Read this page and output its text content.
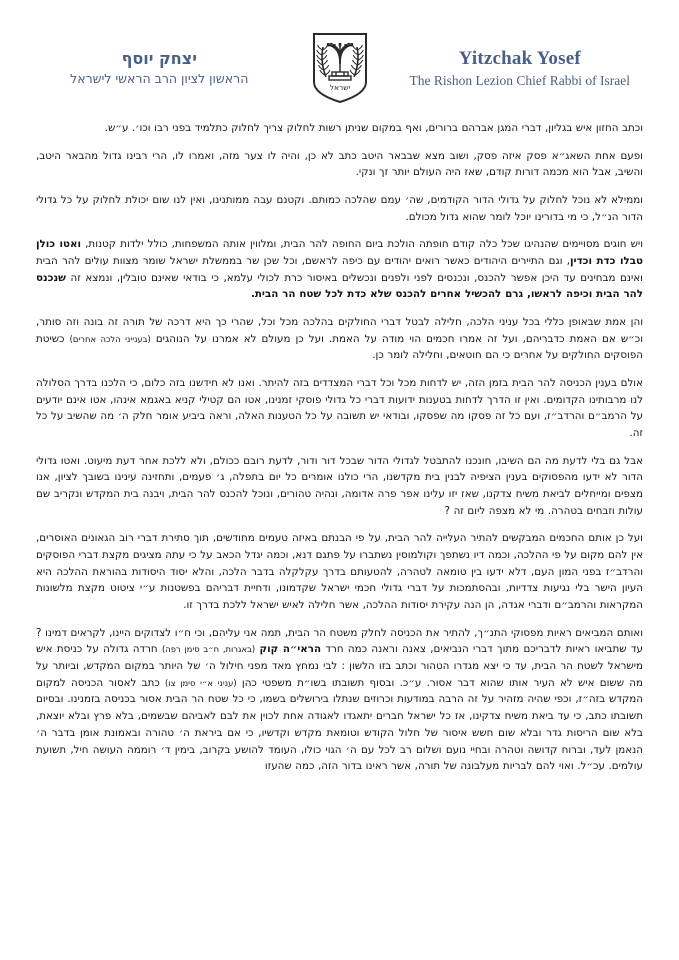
Yitzchak Yosef
The Rishon Lezion Chief Rabbi of Israel
ישראל
יצחק יוסף
הראשון לציון הרב הראשי לישראל

וכתב החזון איש בגליון, דברי המגן אברהם ברורים, ואף במקום שניתן רשות לחלוק צריך לחלוק כתלמיד בפני רבו וכו׳. ע״ש.

ופעם אחת השאג״א פסק איזה פסק, ושוב מצא שבבאר היטב כתב לא כן, והיה לו צער מזה, ואמרו לו, הרי רבינו גדול מהבאר היטב, והשיב, אבל הוא מכמה דורות קודם, שאז היה העולם יותר זך ונקי.

וממילא לא נוכל לחלוק על גדולי הדור הקודמים, שה׳ עמם שהלכה כמותם. וקטנם עבה ממותנינו, ואין לנו שום יכולת לחלוק על כל גדולי הדור הנ״ל, כי מי בדורינו יוכל לומר שהוא גדול מכולם.

ויש חוגים מסויימים שהנהיגו שכל כלה קודם חופתה הולכת ביום החופה להר הבית, ומלווין אותה המשפחות, כולל ילדות קטנות, ואטו כולן טבלו כדת וכדין, וגם התיירים היהודים כאשר רואים יהודים עם כיפה לראשם, וכל שכן שר בממשלת ישראל שומר מצוות עולים להר הבית ואינם מבחינים עד היכן אפשר להכנס, ונכנסים לפני ולפנים ונכשלים באיסור כרת לכולי עלמא, כי בודאי שאינם טובלין, ונמצא זה שנכנס להר הבית וכיפה לראשו, גרם להכשיל אחרים להכנס שלא כדת לכל שטח הר הבית.

והן אמת שבאופן כללי בכל עניני הלכה, חלילה לבטל דברי החולקים בהלכה מכל וכל, שהרי כך היא דרכה של תורה זה בונה וזה סותר, וכ״ש אם האמת כדבריהם, ועל זה אמרו חכמים הוי מודה על האמת. ועל כן מעולם לא אמרנו על הנוהגים (בענייני הלכה אחרים) כשיטת הפוסקים החולקים על אחרים כי הם חוטאים, וחלילה לומר כן.

אולם בענין הכניסה להר הבית בזמן הזה, יש לדחות מכל וכל דברי המצדדים בזה להיתר. ואנו לא חידשנו בזה כלום, כי הלכנו בדרך הסלולה לנו מרבותינו הקדומים. ואין זו הדרך לדחות בטענות ידועות דברי כל גדולי פוסקי זמנינו, אטו הם קטילי קניא באגמא אינהו, אטו אינם יודעים על הרמב״ם והרדב״ז, ועם כל זה פסקו מה שפסקו, ובודאי יש תשובה על כל הטענות האלה, וראה ביביע אומר חלק ה׳ מה שהשיב על כל זה.

אבל גם בלי לדעת מה הם השיבו, חונכנו להתבטל לגדולי הדור שבכל דור ודור, לדעת רובם ככולם, ולא ללכת אחר דעת מיעוט. ואטו גדולי הדור לא ידעו מהפסוקים בענין הציפיה לבנין בית מקדשנו, הרי כולנו אומרים כל יום בתפלה, ג׳ פעמים, ותחזינה עינינו בשובך לציון, אנו מצפים ומייחלים לביאת משיח צדקנו, שאז יזו עלינו אפר פרה אדומה, ונהיה טהורים, ונוכל להכנס להר הבית, ויבנה בית המקדש ונקריב שם עולות וזבחים בטהרה. מי לא מצפה ליום זה ?

ועל כן אותם החכמים המבקשים להתיר העלייה להר הבית, על פי הבנתם באיזה טעמים מחודשים, תוך סתירת דברי רוב הגאונים האוסרים, אין להם מקום על פי ההלכה, וכמה דיו נשתפך וקולמוסין נשתברו על פתגם דנא, וכמה יגדל הכאב על כי עתה מציגים מקצת דברי הפוסקים והרדב״ז בפני המון העם, דלא ידעו בין טומאה לטהרה, להטעותם בדרך עקלקלה בדבר הלכה, והלא יסוד היסודות בהוראת ההלכה היא העיון הישר בלי נגיעות צדדיות, ובהסתמכות על דברי גדולי חכמי ישראל שקדמונו, ודחיית דבריהם בפשטנות ע״י ציטוט מקצת מלשונות המקראות והרמב״ם ודברי אגדה, הן הנה עקירת יסודות ההלכה, אשר חלילה לאיש ישראל ללכת בדרך זו.

ואותם המביאים ראיות מפסוקי התנ״ך, להתיר את הכניסה לחלק משטח הר הבית, תמה אני עליהם, וכי ח״ו לצדוקים היינו, לקראים דמינו ? עד שתביאו ראיות לדבריכם מתוך דברי הנביאים, צאנה וראנה כמה חרד הראי״ה קוק (באגרות, ח״ב סימן רפה) חרדה גדולה על כניסת איש מישראל לשטח הר הבית, עד כי יצא מגדרו הטהור וכתב בזו הלשון : לבי נמחץ מאד מפני חילול ה׳ של היותר במקום המקדש, וביותר על מה ששום איש לא העיר אותו שהוא דבר אסור. ע״כ. ובסוף תשובתו בשו״ת משפטי כהן (עניני א״י סימן צו) כתב לאסור הכניסה למקום המקדש בזה״ז, וכפי שהיה מזהיר על זה הרבה במודעות וכרוזים שנתלו בירושלים בשמו, כי כל שטח הר הבית אסור בכניסה בזמנינו. ובסיום תשובתו כתב, כי עד ביאת משיח צדקינו, אז כל ישראל חברים יתאגדו לאגודה אחת לכוין את לבם לאביהם שבשמים, בלא פרץ ובלא יוצאת, בלא שום הריסות גדר ובלא שום חשש איסור של חלול הקודש וטומאת מקדש וקדשיו, כי אם ביראת ה׳ טהורה ובאמונת אומן בדבר ה׳ הנאמן לעד, וברוח קדושה וטהרה ובחיי נועם ושלום רב לכל עם ה׳ הגוי כולו, העומד להושע בקרוב, בימין ד׳ רוממה העושה חיל, תשועת עולמים. עכ״ל. ואוי להם לבריות מעלבונה של תורה, אשר ראינו בדור הזה, כמה שהעזו
